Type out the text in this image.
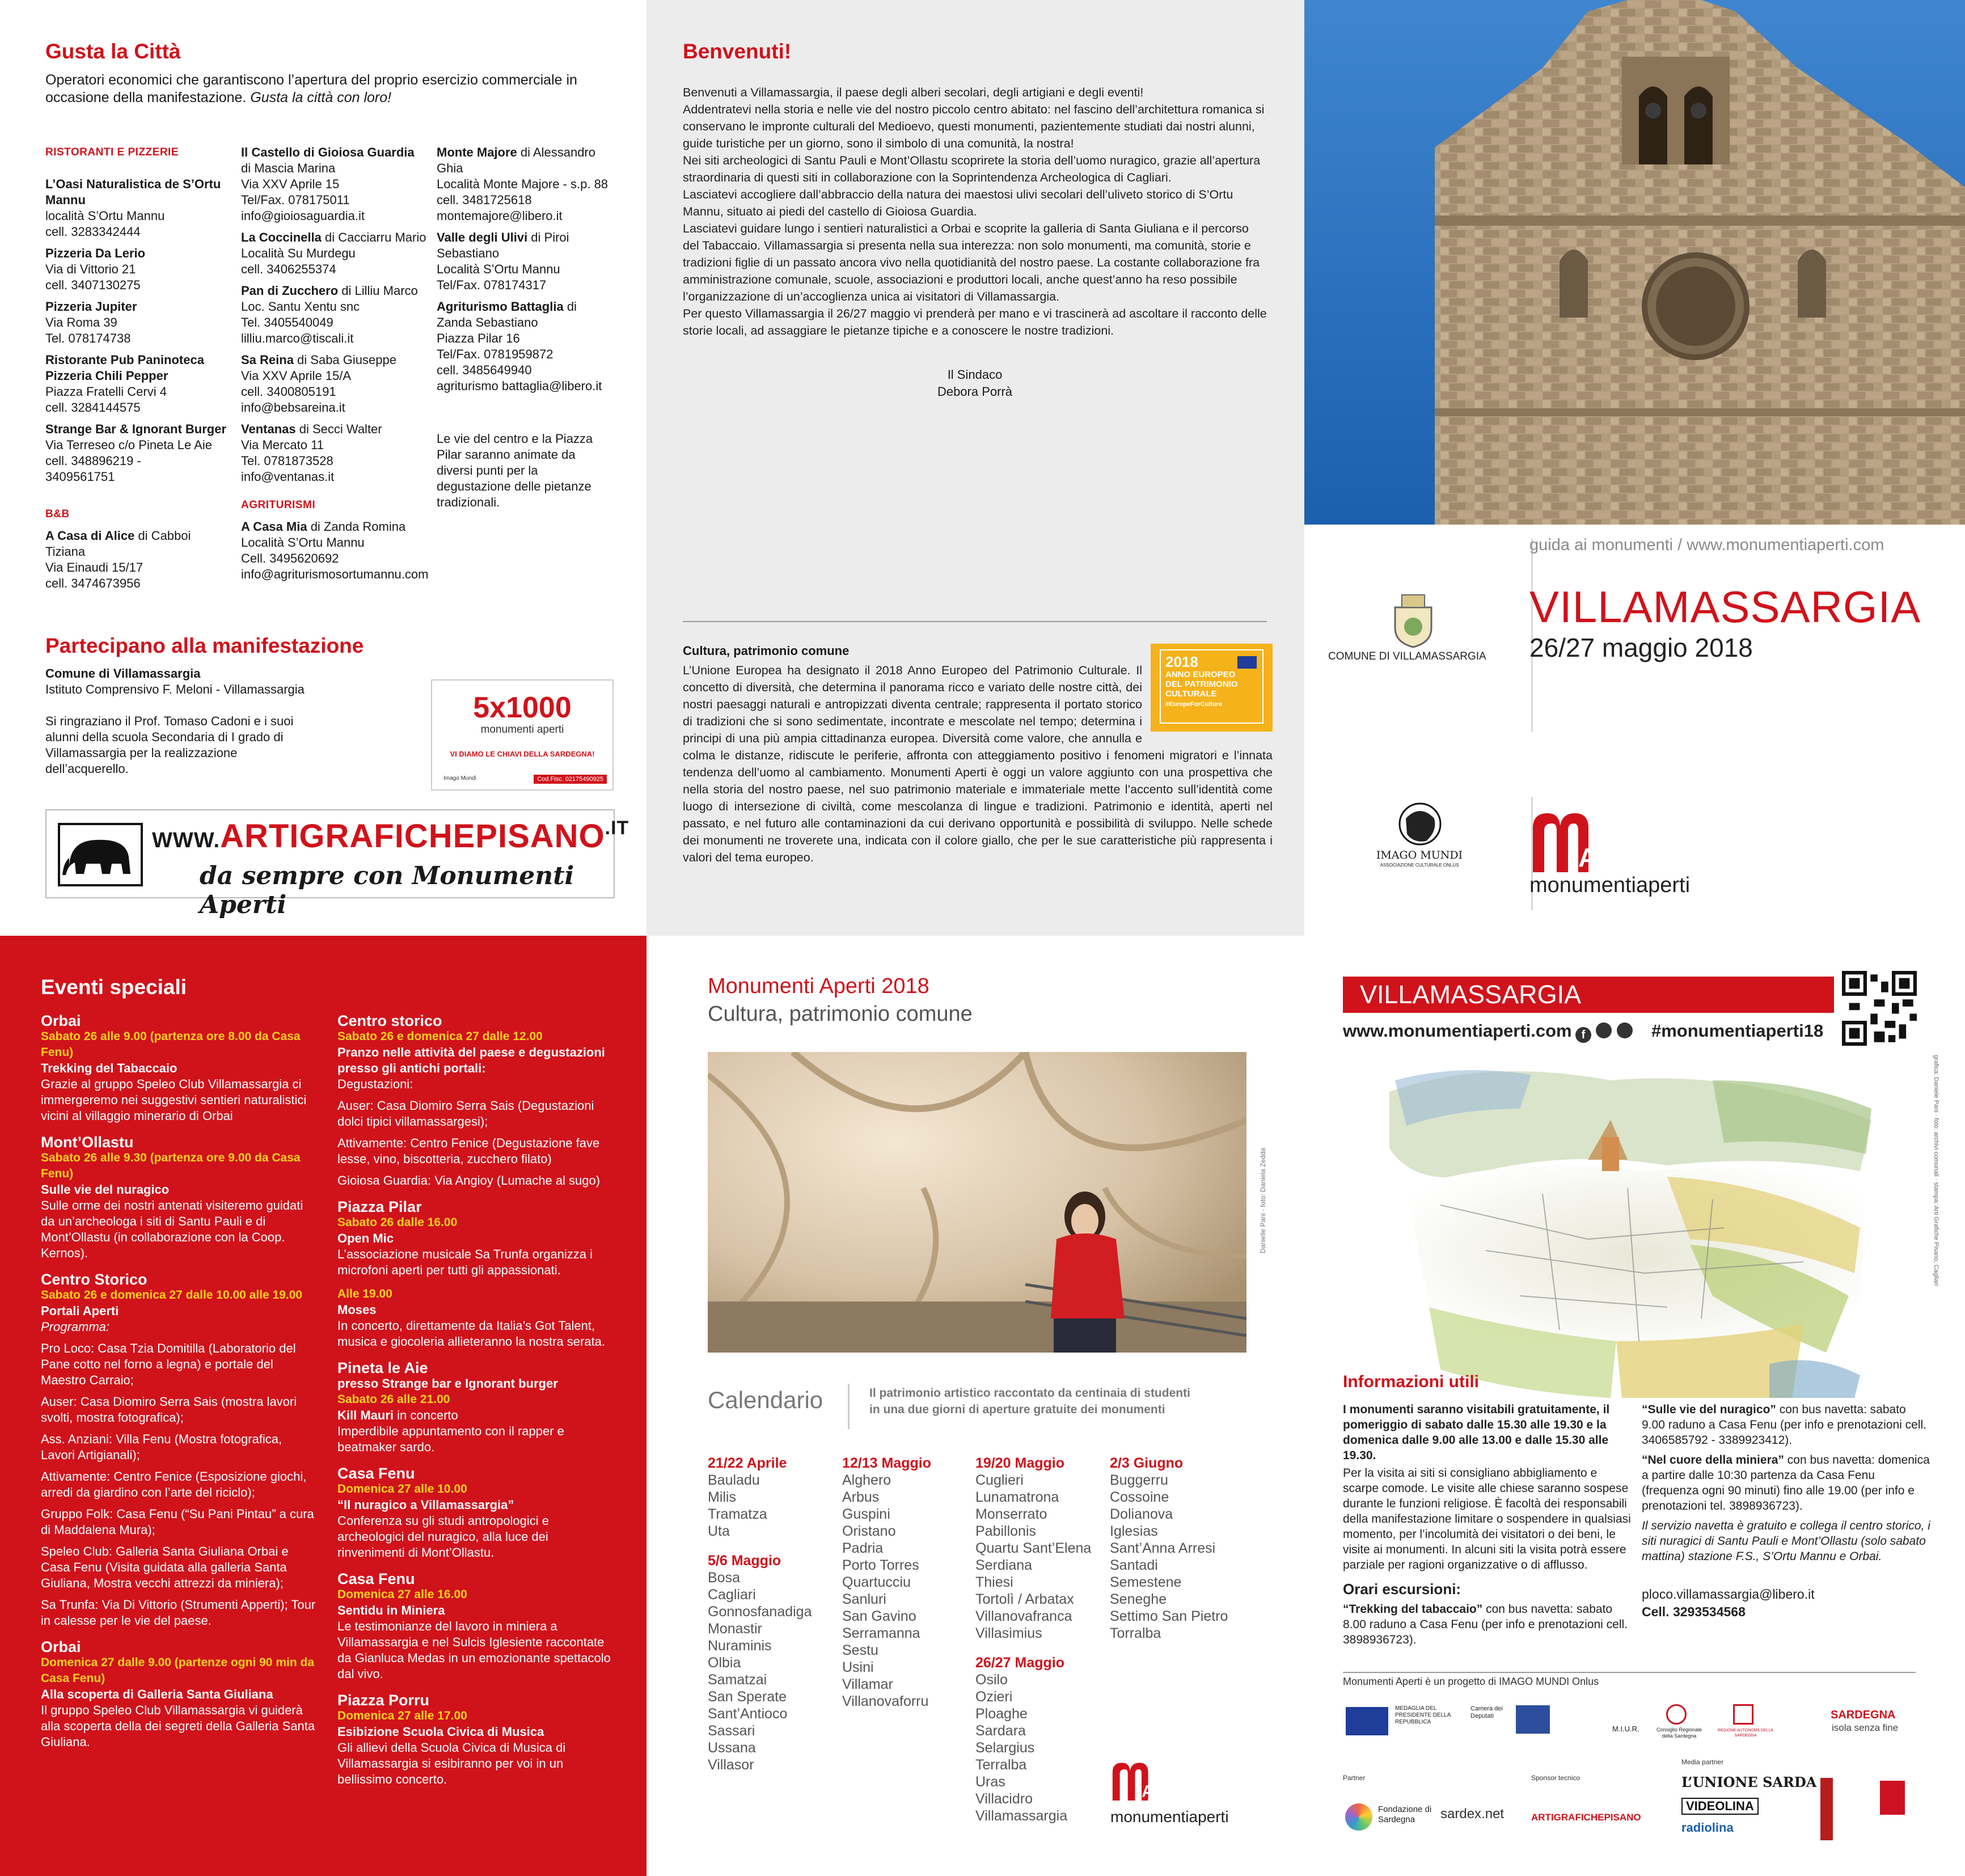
Gusta la Città
Operatori economici che garantiscono l’apertura del proprio esercizio commerciale in occasione della manifestazione. Gusta la città con loro!
RISTORANTI E PIZZERIE
L’Oasi Naturalistica de S’Ortu Mannu
località S’Ortu Mannu
cell. 3283342444
Pizzeria Da Lerio
Via di Vittorio 21
cell. 3407130275
Pizzeria Jupiter
Via Roma 39
Tel. 078174738
Ristorante Pub Paninoteca Pizzeria Chili Pepper
Piazza Fratelli Cervi 4
cell. 3284144575
Strange Bar & Ignorant Burger
Via Terreseo c/o Pineta Le Aie
cell. 348896219 -
3409561751
B&B
A Casa di Alice di Cabboi
Tiziana
Via Einaudi 15/17
cell. 3474673956
Il Castello di Gioiosa Guardia
di Mascia Marina
Via XXV Aprile 15
Tel/Fax. 078175011
info@gioiosaguardia.it
La Coccinella di Cacciarru Mario
Località Su Murdegu
cell. 3406255374
Pan di Zucchero di Lilliu Marco
Loc. Santu Xentu snc
Tel. 3405540049
lilliu.marco@tiscali.it
Sa Reina di Saba Giuseppe
Via XXV Aprile 15/A
cell. 3400805191
info@bebsareina.it
Ventanas di Secci Walter
Via Mercato 11
Tel. 0781873528
info@ventanas.it
AGRITURISMI
A Casa Mia di Zanda Romina
Località S’Ortu Mannu
Cell. 3495620692
info@agriturismosortumannu.com
Monte Majore di Alessandro
Ghia
Località Monte Majore - s.p. 88
cell. 3481725618
montemajore@libero.it
Valle degli Ulivi di Piroi
Sebastiano
Località S’Ortu Mannu
Tel/Fax. 078174317
Agriturismo Battaglia di
Zanda Sebastiano
Piazza Pilar 16
Tel/Fax. 0781959872
cell. 3485649940
agriturismo battaglia@libero.it
Le vie del centro e la Piazza Pilar saranno animate da diversi punti per la degustazione delle pietanze tradizionali.
Partecipano alla manifestazione
Comune di Villamassargia
Istituto Comprensivo F. Meloni - Villamassargia
Si ringraziano il Prof. Tomaso Cadoni e i suoi alunni della scuola Secondaria di I grado di Villamassargia per la realizzazione dell’acquerello.
5x1000
monumenti aperti
VI DIAMO LE CHIAVI DELLA SARDEGNA!
Imago Mundi	Cod.Fisc. 02175490925
$WWW.ARTIGRAFICHEPISANO^{.IT}$
da sempre con Monumenti Aperti
Benvenuti!
Benvenuti a Villamassargia, il paese degli alberi secolari, degli artigiani e degli eventi!
Addentratevi nella storia e nelle vie del nostro piccolo centro abitato: nel fascino dell’architettura romanica si conservano le impronte culturali del Medioevo, questi monumenti, pazientemente studiati dai nostri alunni, guide turistiche per un giorno, sono il simbolo di una comunità, la nostra!
Nei siti archeologici di Santu Pauli e Mont’Ollastu scoprirete la storia dell’uomo nuragico, grazie all’apertura straordinaria di questi siti in collaborazione con la Soprintendenza Archeologica di Cagliari.
Lasciatevi accogliere dall’abbraccio della natura dei maestosi ulivi secolari dell’uliveto storico di S’Ortu Mannu, situato ai piedi del castello di Gioiosa Guardia.
Lasciatevi guidare lungo i sentieri naturalistici a Orbai e scoprite la galleria di Santa Giuliana e il percorso del Tabaccaio. Villamassargia si presenta nella sua interezza: non solo monumenti, ma comunità, storie e tradizioni figlie di un passato ancora vivo nella quotidianità del nostro paese. La costante collaborazione fra amministrazione comunale, scuole, associazioni e produttori locali, anche quest’anno ha reso possibile l’organizzazione di un’accoglienza unica ai visitatori di Villamassargia.
Per questo Villamassargia il 26/27 maggio vi prenderà per mano e vi trascinerà ad ascoltare il racconto delle storie locali, ad assaggiare le pietanze tipiche e a conoscere le nostre tradizioni.
Il Sindaco
Debora Porrà
Cultura, patrimonio comune
2018
ANNO EUROPEO
DEL PATRIMONIO
CULTURALE
#EuropeForCulture
L’Unione Europea ha designato il 2018 Anno Europeo del Patrimonio Culturale. Il concetto di diversità, che determina il panorama ricco e variato delle nostre città, dei nostri paesaggi naturali e antropizzati diventa centrale; rappresenta il portato storico di tradizioni che si sono sedimentate, incontrate e mescolate nel tempo; determina i principi di una più ampia cittadinanza europea. Diversità come valore, che annulla e colma le distanze, ridiscute le periferie, affronta con atteggiamento positivo i fenomeni migratori e l’innata tendenza dell’uomo al cambiamento. Monumenti Aperti è oggi un valore aggiunto con una prospettiva che nella storia del nostro paese, nel suo patrimonio materiale e immateriale mette l’accento sull’identità come luogo di intersezione di civiltà, come mescolanza di lingue e tradizioni. Patrimonio e identità, aperti nel passato, e nel futuro alle contaminazioni da cui derivano opportunità e possibilità di sviluppo. Nelle schede dei monumenti ne troverete una, indicata con il colore giallo, che per le sue caratteristiche più rappresenta i valori del tema europeo.
guida ai monumenti / www.monumentiaperti.com
VILLAMASSARGIA
26/27 maggio 2018
COMUNE DI VILLAMASSARGIA
IMAGO MUNDI
ASSOCIAZIONE CULTURALE ONLUS	A
monumentiaperti
Eventi speciali
Orbai
Sabato 26 alle 9.00 (partenza ore 8.00 da Casa Fenu)
Trekking del Tabaccaio

Grazie al gruppo Speleo Club Villamassargia ci immergeremo nei suggestivi sentieri naturalistici vicini al villaggio minerario di Orbai

Mont’Ollastu
Sabato 26 alle 9.30 (partenza ore 9.00 da Casa Fenu)
Sulle vie del nuragico

Sulle orme dei nostri antenati visiteremo guidati da un’archeologa i siti di Santu Pauli e di Mont’Ollastu (in collaborazione con la Coop. Kernos).

Centro Storico
Sabato 26 e domenica 27 dalle 10.00 alle 19.00
Portali Aperti
Programma:

Pro Loco: Casa Tzia Domitilla (Laboratorio del Pane cotto nel forno a legna) e portale del Maestro Carraio;

Auser: Casa Diomiro Serra Sais (mostra lavori svolti, mostra fotografica);

Ass. Anziani: Villa Fenu (Mostra fotografica, Lavori Artigianali);

Attivamente: Centro Fenice (Esposizione giochi, arredi da giardino con l’arte del riciclo);

Gruppo Folk: Casa Fenu (“Su Pani Pintau” a cura di Maddalena Mura);

Speleo Club: Galleria Santa Giuliana Orbai e Casa Fenu (Visita guidata alla galleria Santa Giuliana, Mostra vecchi attrezzi da miniera);

Sa Trunfa: Via Di Vittorio (Strumenti Apperti); Tour in calesse per le vie del paese.

Orbai
Domenica 27 dalle 9.00 (partenze ogni 90 min da Casa Fenu)
Alla scoperta di Galleria Santa Giuliana

Il gruppo Speleo Club Villamassargia vi guiderà alla scoperta della dei segreti della Galleria Santa Giuliana.

Centro storico
Sabato 26 e domenica 27 dalle 12.00
Pranzo nelle attività del paese e degustazioni presso gli antichi portali:
Degustazioni:

Auser: Casa Diomiro Serra Sais (Degustazioni dolci tipici villamassargesi);

Attivamente: Centro Fenice (Degustazione fave lesse, vino, biscotteria, zucchero filato)

Gioiosa Guardia: Via Angioy (Lumache al sugo)

Piazza Pilar
Sabato 26 dalle 16.00
Open Mic

L’associazione musicale Sa Trunfa organizza i microfoni aperti per tutti gli appassionati.

Alle 19.00
Moses

In concerto, direttamente da Italia’s Got Talent, musica e giocoleria allieteranno la nostra serata.

Pineta le Aie
presso Strange bar e Ignorant burger
Sabato 26 alle 21.00
Kill Mauri in concerto

Imperdibile appuntamento con il rapper e beatmaker sardo.

Casa Fenu
Domenica 27 alle 10.00
“Il nuragico a Villamassargia”

Conferenza su gli studi antropologici e archeologici del nuragico, alla luce dei rinvenimenti di Mont’Ollastu.

Casa Fenu
Domenica 27 alle 16.00
Sentidu in Miniera

Le testimonianze del lavoro in miniera a Villamassargia e nel Sulcis Iglesiente raccontate da Gianluca Medas in un emozionante spettacolo dal vivo.

Piazza Porru
Domenica 27 alle 17.00
Esibizione Scuola Civica di Musica

Gli allievi della Scuola Civica di Musica di Villamassargia si esibiranno per voi in un bellissimo concerto.

Monumenti Aperti 2018
Cultura, patrimonio comune
Danielle Pani - foto: Daniela Zedda
Calendario	Il patrimonio artistico raccontato da centinaia di studenti
in una due giorni di aperture gratuite dei monumenti
21/22 Aprile
Bauladu
Milis
Tramatza
Uta
5/6 Maggio
Bosa
Cagliari
Gonnosfanadiga
Monastir
Nuraminis
Olbia
Samatzai
San Sperate
Sant’Antioco
Sassari
Ussana
Villasor
12/13 Maggio
Alghero
Arbus
Guspini
Oristano
Padria
Porto Torres
Quartucciu
Sanluri
San Gavino
Serramanna
Sestu
Usini
Villamar
Villanovaforru
19/20 Maggio
Cuglieri
Lunamatrona
Monserrato
Pabillonis
Quartu Sant’Elena
Serdiana
Thiesi
Tortolì / Arbatax
Villanovafranca
Villasimius
26/27 Maggio
Osilo
Ozieri
Ploaghe
Sardara
Selargius
Terralba
Uras
Villacidro
Villamassargia
2/3 Giugno
Buggerru
Cossoine
Dolianova
Iglesias
Sant’Anna Arresi
Santadi
Semestene
Seneghe
Settimo San Pietro
Torralba
A
monumentiaperti
VILLAMASSARGIA
www.monumentiaperti.com f	#monumentiaperti18
grafica: Daniele Pani · foto: archivi comunali · stampa: Arti Grafiche Pisano, Cagliari
Informazioni utili
I monumenti saranno visitabili gratuitamente, il pomeriggio di sabato dalle 15.30 alle 19.30 e la domenica dalle 9.00 alle 13.00 e dalle 15.30 alle 19.30.
Per la visita ai siti si consigliano abbigliamento e scarpe comode. Le visite alle chiese saranno sospese durante le funzioni religiose. È facoltà dei responsabili della manifestazione limitare o sospendere in qualsiasi momento, per l’incolumità dei visitatori o dei beni, le visite ai monumenti. In alcuni siti la visita potrà essere parziale per ragioni organizzative o di afflusso.
Orari escursioni:
“Trekking del tabaccaio” con bus navetta: sabato 8.00 raduno a Casa Fenu (per info e prenotazioni cell. 3898936723).
“Sulle vie del nuragico” con bus navetta: sabato 9.00 raduno a Casa Fenu (per info e prenotazioni cell. 3406585792 - 3389923412).
“Nel cuore della miniera” con bus navetta: domenica a partire dalle 10:30 partenza da Casa Fenu (frequenza ogni 90 minuti) fino alle 19.00 (per info e prenotazioni tel. 3898936723).
Il servizio navetta è gratuito e collega il centro storico, i siti nuragici di Santu Pauli e Mont’Ollastu (solo sabato mattina) stazione F.S., S’Ortu Mannu e Orbai.
ploco.villamassargia@libero.it
Cell. 3293534568
Monumenti Aperti è un progetto di IMAGO MUNDI Onlus
MEDAGLIA DEL PRESIDENTE DELLA REPUBBLICA
Camera dei Deputati
M.I.U.R.	Consiglio Regionale della Sardegna
REGIONE AUTONOMA DELLA SARDEGNA
SARDEGNA
isola senza fine
Partner	Sponsor tecnico
Media partner
Fondazione di Sardegna	sardex.net	ARTIGRAFICHEPISANO
L’UNIONE SARDA
VIDEOLINA
radiolina
